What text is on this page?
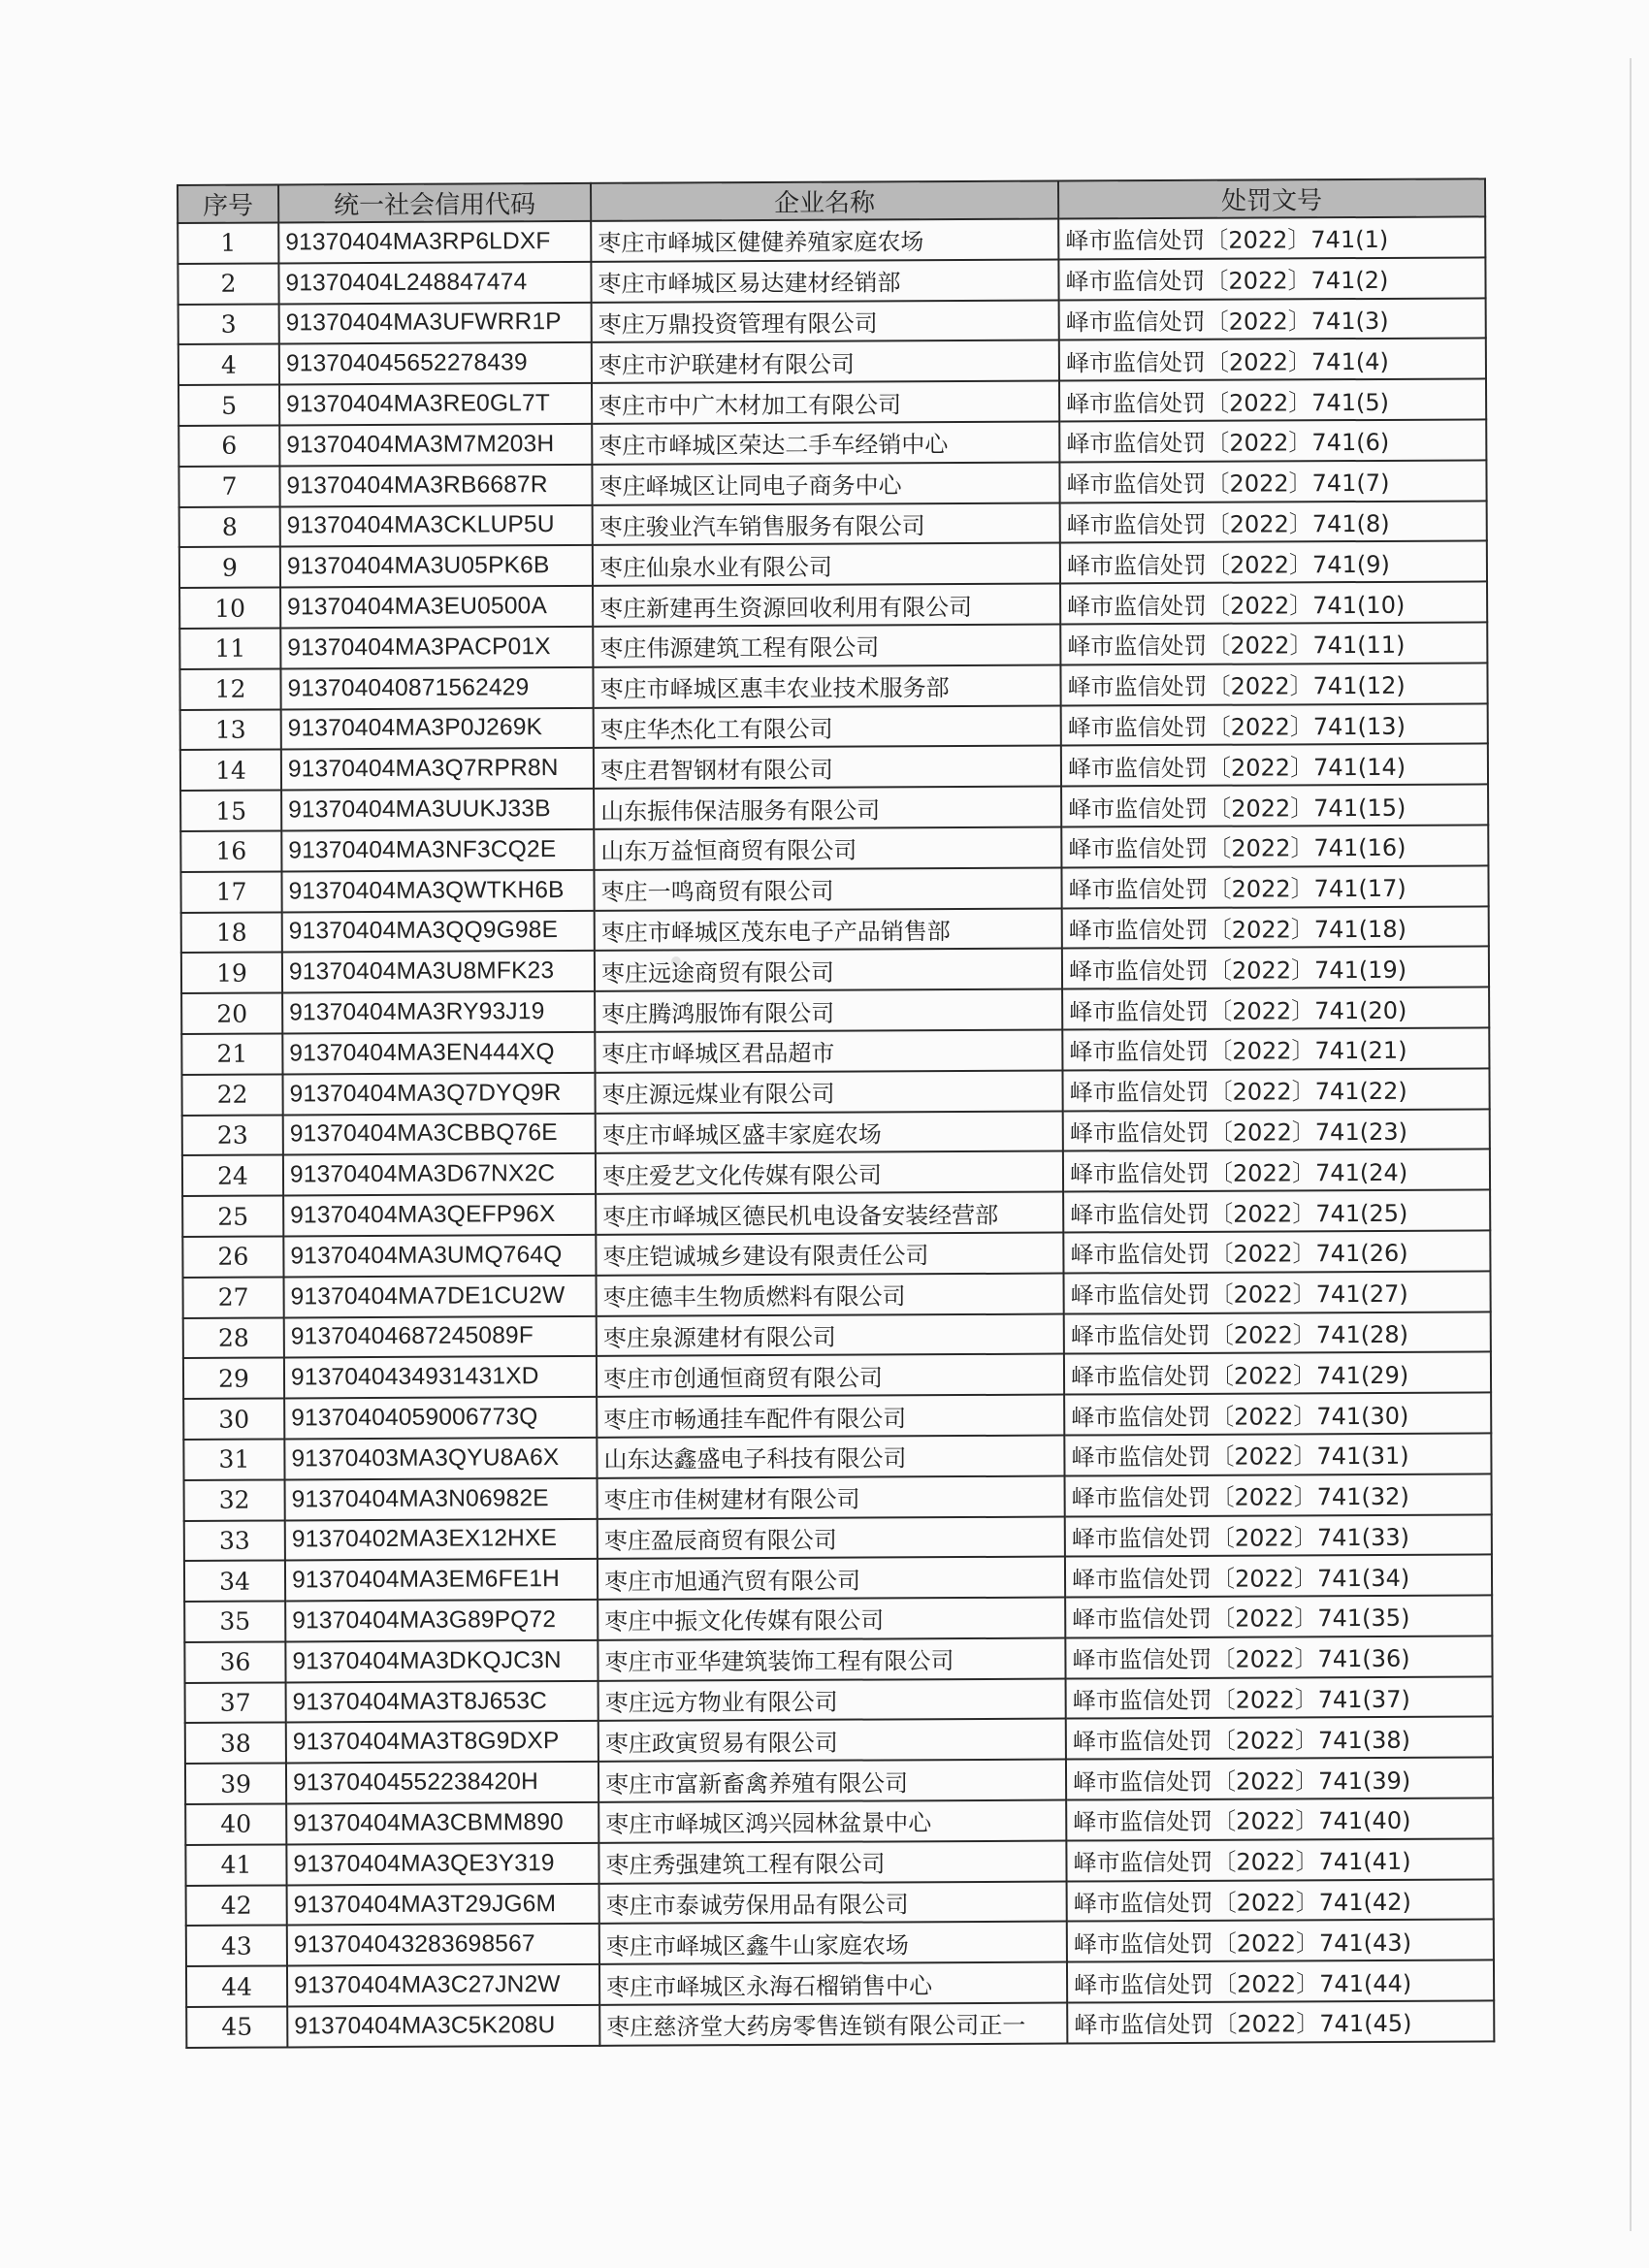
序号	统一社会信用代码	企业名称	处罚文号
1	91370404MA3RP6LDXF	枣庄市峄城区健健养殖家庭农场	峄市监信处罚〔2022〕741(1)
2	91370404L248847474	枣庄市峄城区易达建材经销部	峄市监信处罚〔2022〕741(2)
3	91370404MA3UFWRR1P	枣庄万鼎投资管理有限公司	峄市监信处罚〔2022〕741(3)
4	913704045652278439	枣庄市沪联建材有限公司	峄市监信处罚〔2022〕741(4)
5	91370404MA3RE0GL7T	枣庄市中广木材加工有限公司	峄市监信处罚〔2022〕741(5)
6	91370404MA3M7M203H	枣庄市峄城区荣达二手车经销中心	峄市监信处罚〔2022〕741(6)
7	91370404MA3RB6687R	枣庄峄城区让同电子商务中心	峄市监信处罚〔2022〕741(7)
8	91370404MA3CKLUP5U	枣庄骏业汽车销售服务有限公司	峄市监信处罚〔2022〕741(8)
9	91370404MA3U05PK6B	枣庄仙泉水业有限公司	峄市监信处罚〔2022〕741(9)
10	91370404MA3EU0500A	枣庄新建再生资源回收利用有限公司	峄市监信处罚〔2022〕741(10)
11	91370404MA3PACP01X	枣庄伟源建筑工程有限公司	峄市监信处罚〔2022〕741(11)
12	913704040871562429	枣庄市峄城区惠丰农业技术服务部	峄市监信处罚〔2022〕741(12)
13	91370404MA3P0J269K	枣庄华杰化工有限公司	峄市监信处罚〔2022〕741(13)
14	91370404MA3Q7RPR8N	枣庄君智钢材有限公司	峄市监信处罚〔2022〕741(14)
15	91370404MA3UUKJ33B	山东振伟保洁服务有限公司	峄市监信处罚〔2022〕741(15)
16	91370404MA3NF3CQ2E	山东万益恒商贸有限公司	峄市监信处罚〔2022〕741(16)
17	91370404MA3QWTKH6B	枣庄一鸣商贸有限公司	峄市监信处罚〔2022〕741(17)
18	91370404MA3QQ9G98E	枣庄市峄城区茂东电子产品销售部	峄市监信处罚〔2022〕741(18)
19	91370404MA3U8MFK23	枣庄远途商贸有限公司	峄市监信处罚〔2022〕741(19)
20	91370404MA3RY93J19	枣庄腾鸿服饰有限公司	峄市监信处罚〔2022〕741(20)
21	91370404MA3EN444XQ	枣庄市峄城区君品超市	峄市监信处罚〔2022〕741(21)
22	91370404MA3Q7DYQ9R	枣庄源远煤业有限公司	峄市监信处罚〔2022〕741(22)
23	91370404MA3CBBQ76E	枣庄市峄城区盛丰家庭农场	峄市监信处罚〔2022〕741(23)
24	91370404MA3D67NX2C	枣庄爱艺文化传媒有限公司	峄市监信处罚〔2022〕741(24)
25	91370404MA3QEFP96X	枣庄市峄城区德民机电设备安装经营部	峄市监信处罚〔2022〕741(25)
26	91370404MA3UMQ764Q	枣庄铠诚城乡建设有限责任公司	峄市监信处罚〔2022〕741(26)
27	91370404MA7DE1CU2W	枣庄德丰生物质燃料有限公司	峄市监信处罚〔2022〕741(27)
28	91370404687245089F	枣庄泉源建材有限公司	峄市监信处罚〔2022〕741(28)
29	9137040434931431XD	枣庄市创通恒商贸有限公司	峄市监信处罚〔2022〕741(29)
30	91370404059006773Q	枣庄市畅通挂车配件有限公司	峄市监信处罚〔2022〕741(30)
31	91370403MA3QYU8A6X	山东达鑫盛电子科技有限公司	峄市监信处罚〔2022〕741(31)
32	91370404MA3N06982E	枣庄市佳树建材有限公司	峄市监信处罚〔2022〕741(32)
33	91370402MA3EX12HXE	枣庄盈辰商贸有限公司	峄市监信处罚〔2022〕741(33)
34	91370404MA3EM6FE1H	枣庄市旭通汽贸有限公司	峄市监信处罚〔2022〕741(34)
35	91370404MA3G89PQ72	枣庄中振文化传媒有限公司	峄市监信处罚〔2022〕741(35)
36	91370404MA3DKQJC3N	枣庄市亚华建筑装饰工程有限公司	峄市监信处罚〔2022〕741(36)
37	91370404MA3T8J653C	枣庄远方物业有限公司	峄市监信处罚〔2022〕741(37)
38	91370404MA3T8G9DXP	枣庄政寅贸易有限公司	峄市监信处罚〔2022〕741(38)
39	91370404552238420H	枣庄市富新畜禽养殖有限公司	峄市监信处罚〔2022〕741(39)
40	91370404MA3CBMM890	枣庄市峄城区鸿兴园林盆景中心	峄市监信处罚〔2022〕741(40)
41	91370404MA3QE3Y319	枣庄秀强建筑工程有限公司	峄市监信处罚〔2022〕741(41)
42	91370404MA3T29JG6M	枣庄市泰诚劳保用品有限公司	峄市监信处罚〔2022〕741(42)
43	913704043283698567	枣庄市峄城区鑫牛山家庭农场	峄市监信处罚〔2022〕741(43)
44	91370404MA3C27JN2W	枣庄市峄城区永海石榴销售中心	峄市监信处罚〔2022〕741(44)
45	91370404MA3C5K208U	枣庄慈济堂大药房零售连锁有限公司正一	峄市监信处罚〔2022〕741(45)
